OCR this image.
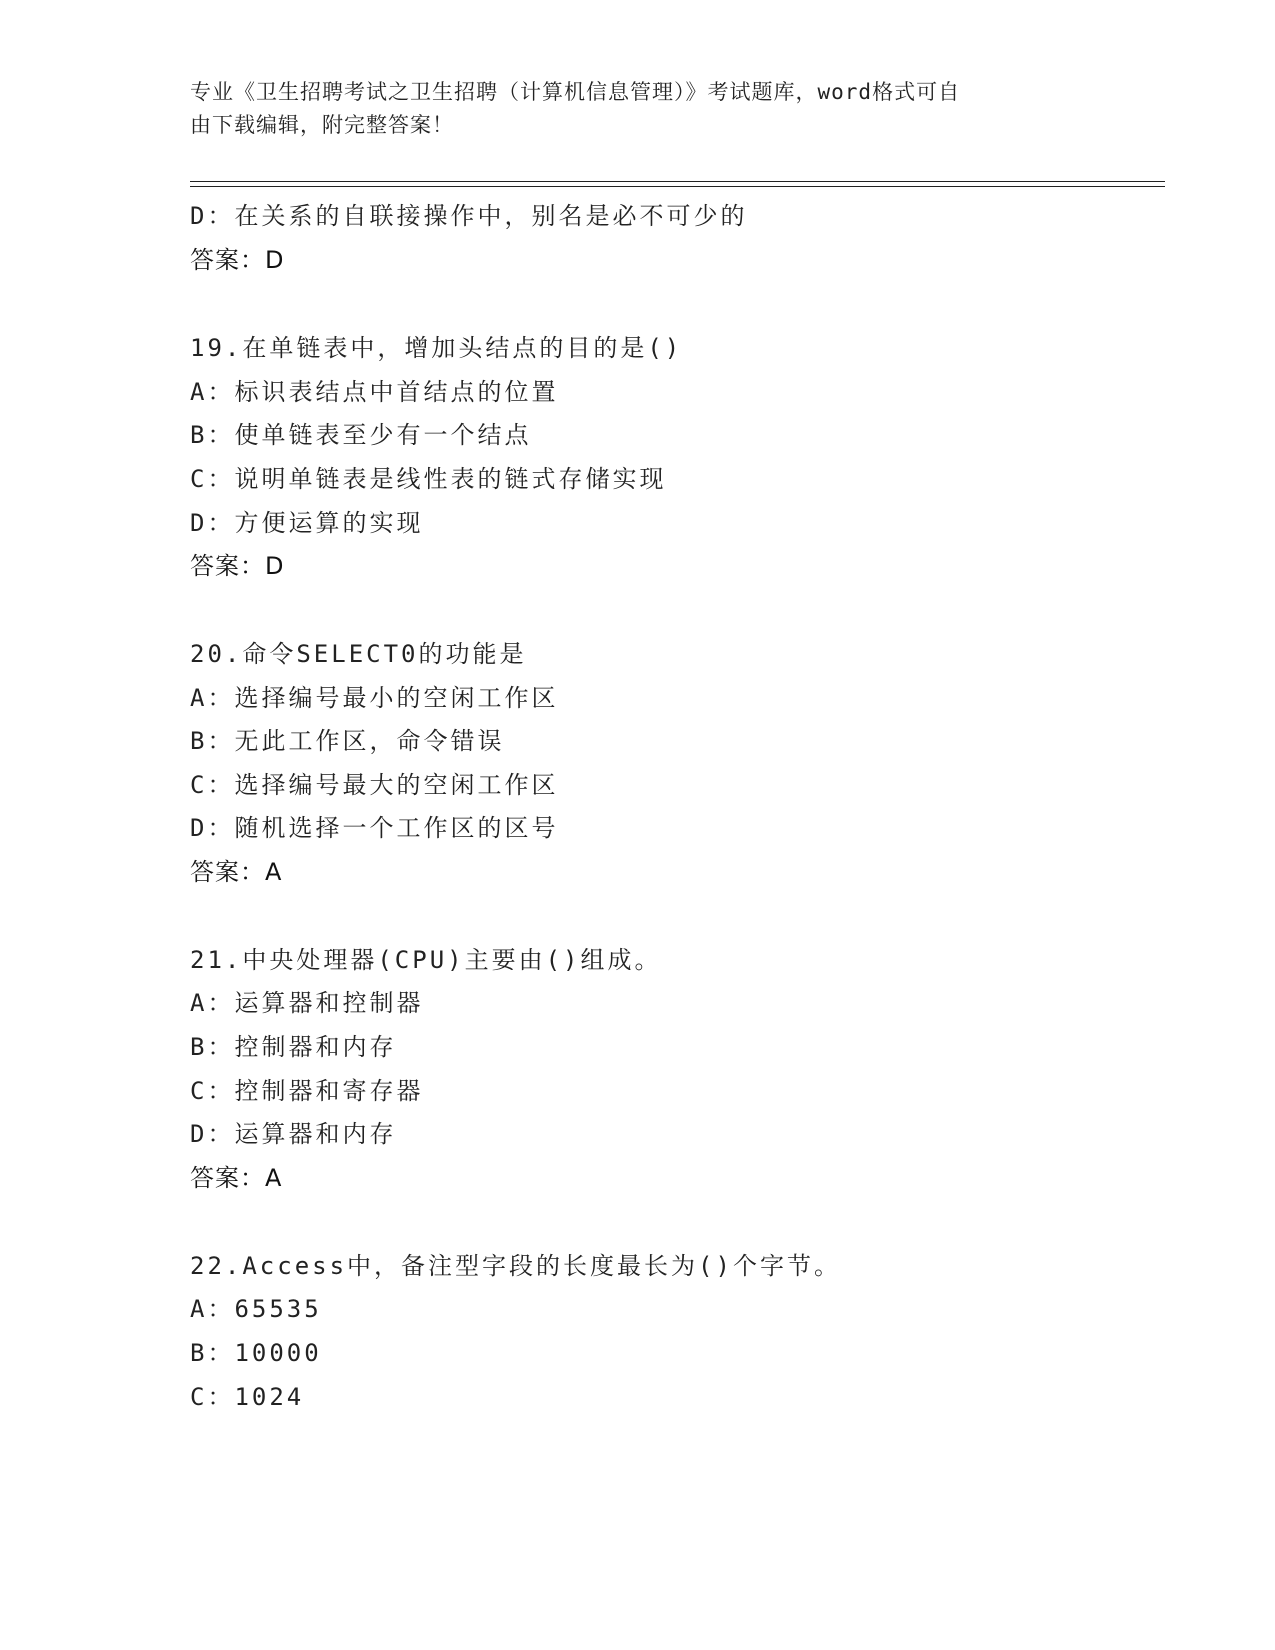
专业《卫生招聘考试之卫生招聘（计算机信息管理）》考试题库，word格式可自
由下载编辑，附完整答案！
D：在关系的自联接操作中，别名是必不可少的
答案：D
19.在单链表中，增加头结点的目的是()
A：标识表结点中首结点的位置
B：使单链表至少有一个结点
C：说明单链表是线性表的链式存储实现
D：方便运算的实现
答案：D
20.命令SELECT0的功能是
A：选择编号最小的空闲工作区
B：无此工作区，命令错误
C：选择编号最大的空闲工作区
D：随机选择一个工作区的区号
答案：A
21.中央处理器(CPU)主要由()组成。
A：运算器和控制器
B：控制器和内存
C：控制器和寄存器
D：运算器和内存
答案：A
22.Access中，备注型字段的长度最长为()个字节。
A：65535
B：10000
C：1024
